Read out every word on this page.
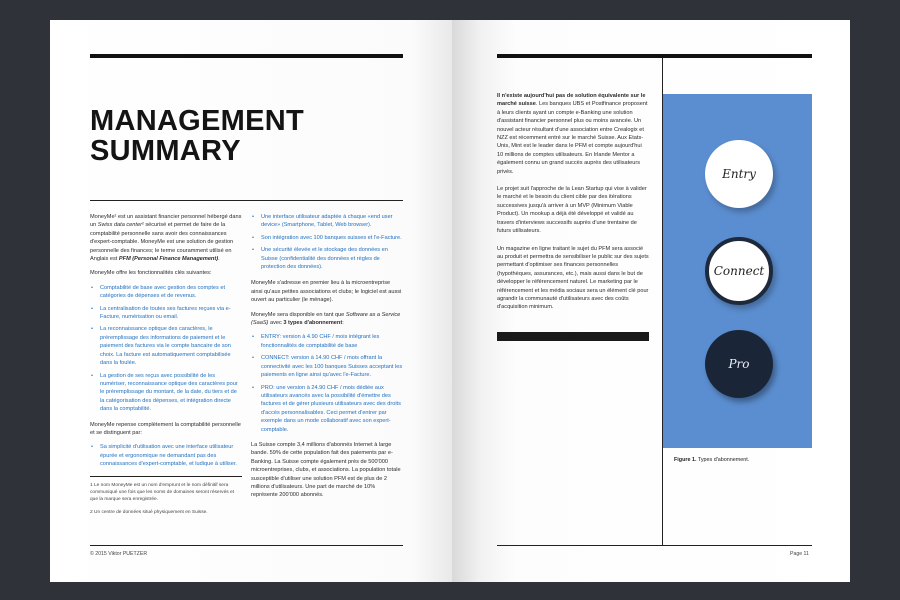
MANAGEMENT
SUMMARY

MoneyMe¹ est un assistant financier personnel hébergé dans un Swiss data center² sécurisé et permet de faire de la comptabilité personnelle sans avoir des connaissances d'expert-comptable. MoneyMe est une solution de gestion personnelle des finances; le terme couramment utilisé en Anglais est PFM (Personal Finance Management).

MoneyMe offre les fonctionnalités clés suivantes:

• Comptabilité de base avec gestion des comptes et catégories de dépenses et de revenus.
• La centralisation de toutes ses factures reçues via e-Facture, numérisation ou email.
• La reconnaissance optique des caractères, le préremplissage des informations de paiement et le paiement des factures via le compte bancaire de son choix. La facture est automatiquement comptabilisée dans la foulée.
• La gestion de ses reçus avec possibilité de les numériser, reconnaissance optique des caractères pour le préremplissage du montant, de la date, du tiers et de la catégorisation des dépenses, et intégration directe dans la comptabilité.

MoneyMe repense complètement la comptabilité personnelle et se distinguent par:

• Sa simplicité d'utilisation avec une interface utilisateur épurée et ergonomique ne demandant pas des connaissances d'expert-comptable, et ludique à utiliser.

1 Le nom MoneyMe est un nom d'emprunt et le nom définitif sera communiqué une fois que les noms de domaines seront réservés et que la marque sera enregistrée.

2 Un centre de données situé physiquement en Suisse.

• Une interface utilisateur adaptée à chaque «end user device» (Smartphone, Tablet, Web browser).
• Son intégration avec 100 banques suisses et l'e-Facture.
• Une sécurité élevée et le stockage des données en Suisse (confidentialité des données et règles de protection des données).

MoneyMe s'adresse en premier lieu à la microentreprise ainsi qu'aux petites associations et clubs; le logiciel est aussi ouvert au particulier (le ménage).

MoneyMe sera disponible en tant que Software as a Service (SaaS) avec 3 types d'abonnement:

• ENTRY: version à 4.90 CHF / mois intégrant les fonctionnalités de comptabilité de base
• CONNECT: version à 14.90 CHF / mois offrant la connectivité avec les 100 banques Suisses acceptant les paiements en ligne ainsi qu'avec l'e-Facture.
• PRO: une version à 24.90 CHF / mois dédiée aux utilisateurs avancés avec la possibilité d'émettre des factures et de gérer plusieurs utilisateurs avec des droits d'accès personnalisables. Ceci permet d'entrer par exemple dans un mode collaboratif avec son expert-comptable.

La Suisse compte 3,4 millions d'abonnés Internet à large bande. 59% de cette population fait des paiements par e-Banking. La Suisse compte également près de 500'000 microentreprises, clubs, et associations. La population totale susceptible d'utiliser une solution PFM est de plus de 2 millions d'utilisateurs. Une part de marché de 10% représente 200'000 abonnés.

© 2015 Viktor PUETZER

Il n'existe aujourd'hui pas de solution équivalente sur le marché suisse. Les banques UBS et Postfinance proposent à leurs clients ayant un compte e-Banking une solution d'assistant financier personnel plus ou moins avancée. Un nouvel acteur résultant d'une association entre Crealogix et NZZ est récemment entré sur le marché Suisse. Aux Etats-Unis, Mint est le leader dans le PFM et compte aujourd'hui 10 millions de comptes utilisateurs. En Irlande Mentor a également connu un grand succès auprès des utilisateurs privés.

Le projet suit l'approche de la Lean Startup qui vise à valider le marché et le besoin du client cible par des itérations successives jusqu'à arriver à un MVP (Minimum Viable Product). Un mookup a déjà été développé et validé au travers d'interviews successifs auprès d'une trentaine de futurs utilisateurs.

Un magazine en ligne traitant le sujet du PFM sera associé au produit et permettra de sensibiliser le public sur des sujets permettant d'optimiser ses finances personnelles (hypothèques, assurances, etc.), mais aussi dans le but de développer le référencement naturel. Le marketing par le référencement et les média sociaux sera un élément clé pour agrandir la communauté d'utilisateurs avec des coûts d'acquisition minimum.

Entry
Connect
Pro
Figure 1. Types d'abonnement.
Page 11
